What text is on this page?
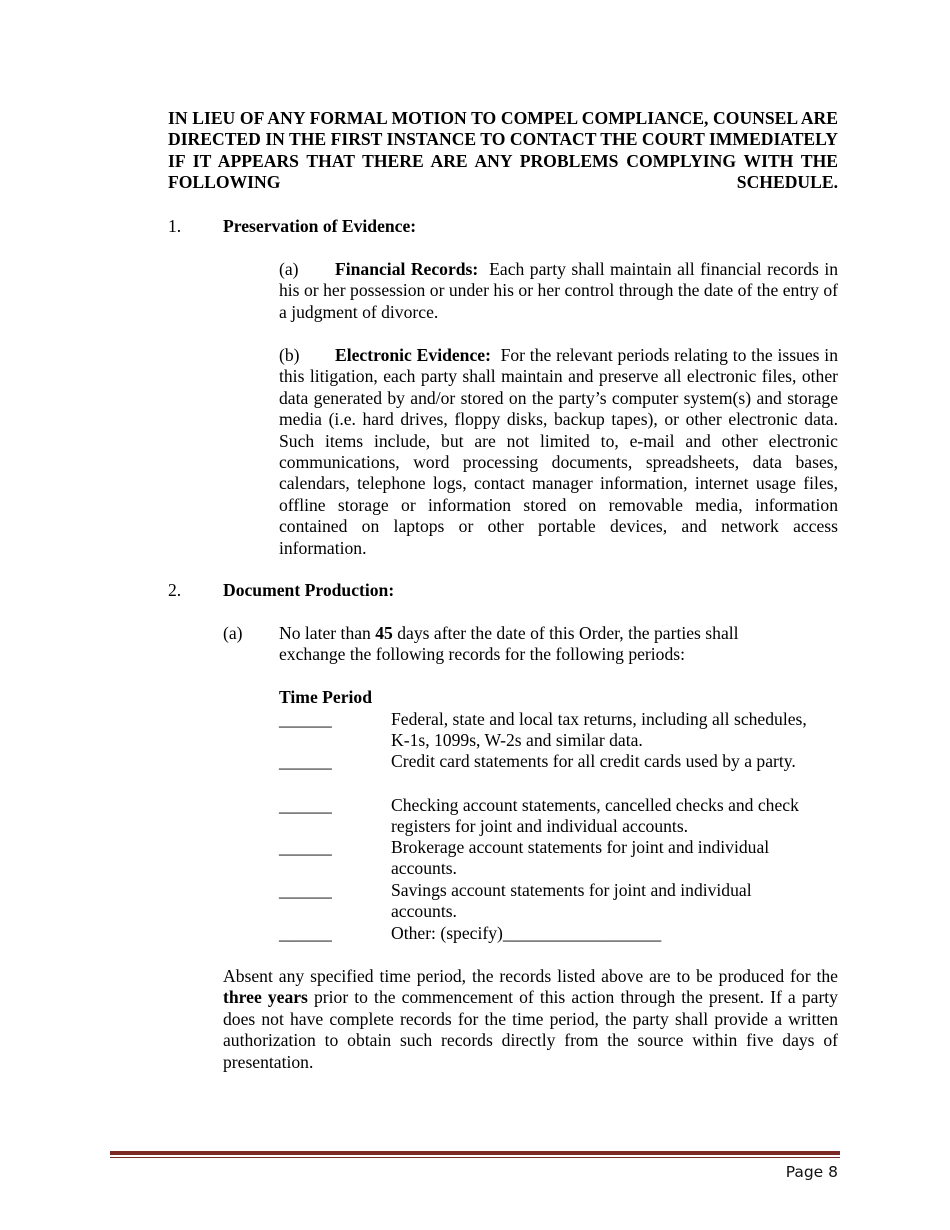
IN LIEU OF ANY FORMAL MOTION TO COMPEL COMPLIANCE, COUNSEL ARE DIRECTED IN THE FIRST INSTANCE TO CONTACT THE COURT IMMEDIATELY IF IT APPEARS THAT THERE ARE ANY PROBLEMS COMPLYING WITH THE FOLLOWING SCHEDULE.
1. Preservation of Evidence:
(a) Financial Records: Each party shall maintain all financial records in his or her possession or under his or her control through the date of the entry of a judgment of divorce.
(b) Electronic Evidence: For the relevant periods relating to the issues in this litigation, each party shall maintain and preserve all electronic files, other data generated by and/or stored on the party’s computer system(s) and storage media (i.e. hard drives, floppy disks, backup tapes), or other electronic data. Such items include, but are not limited to, e-mail and other electronic communications, word processing documents, spreadsheets, data bases, calendars, telephone logs, contact manager information, internet usage files, offline storage or information stored on removable media, information contained on laptops or other portable devices, and network access information.
2. Document Production:
(a) No later than 45 days after the date of this Order, the parties shall
exchange the following records for the following periods:
Time Period
______	Federal, state and local tax returns, including all schedules,
K-1s, 1099s, W-2s and similar data.
______	Credit card statements for all credit cards used by a party.
______	Checking account statements, cancelled checks and check
registers for joint and individual accounts.
______	Brokerage account statements for joint and individual
accounts.
______	Savings account statements for joint and individual
accounts.
______	Other: (specify)__________________
Absent any specified time period, the records listed above are to be produced for the three years prior to the commencement of this action through the present. If a party does not have complete records for the time period, the party shall provide a written authorization to obtain such records directly from the source within five days of presentation.
Page 8
